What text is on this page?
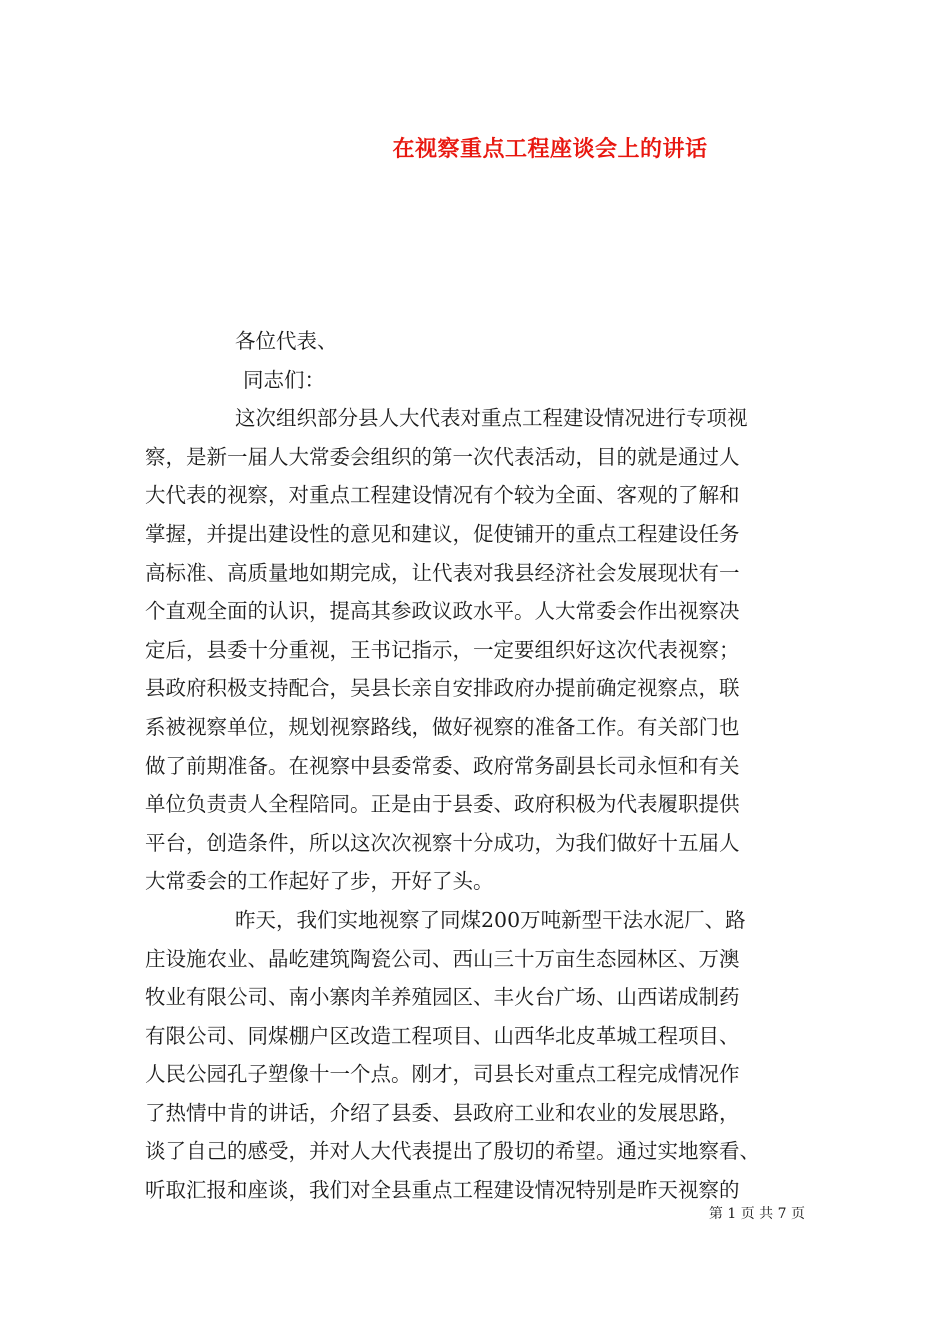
在视察重点工程座谈会上的讲话
各位代表、
同志们：
这次组织部分县人大代表对重点工程建设情况进行专项视
察，是新一届人大常委会组织的第一次代表活动，目的就是通过人
大代表的视察，对重点工程建设情况有个较为全面、客观的了解和
掌握，并提出建设性的意见和建议，促使铺开的重点工程建设任务
高标准、高质量地如期完成，让代表对我县经济社会发展现状有一
个直观全面的认识，提高其参政议政水平。人大常委会作出视察决
定后，县委十分重视，王书记指示，一定要组织好这次代表视察；
县政府积极支持配合，吴县长亲自安排政府办提前确定视察点，联
系被视察单位，规划视察路线，做好视察的准备工作。有关部门也
做了前期准备。在视察中县委常委、政府常务副县长司永恒和有关
单位负责责人全程陪同。正是由于县委、政府积极为代表履职提供
平台，创造条件，所以这次次视察十分成功，为我们做好十五届人
大常委会的工作起好了步，开好了头。
昨天，我们实地视察了同煤200万吨新型干法水泥厂、路
庄设施农业、晶屹建筑陶瓷公司、西山三十万亩生态园林区、万澳
牧业有限公司、南小寨肉羊养殖园区、丰火台广场、山西诺成制药
有限公司、同煤棚户区改造工程项目、山西华北皮革城工程项目、
人民公园孔子塑像十一个点。刚才，司县长对重点工程完成情况作
了热情中肯的讲话，介绍了县委、县政府工业和农业的发展思路，
谈了自己的感受，并对人大代表提出了殷切的希望。通过实地察看、
听取汇报和座谈，我们对全县重点工程建设情况特别是昨天视察的
第 1 页 共 7 页
